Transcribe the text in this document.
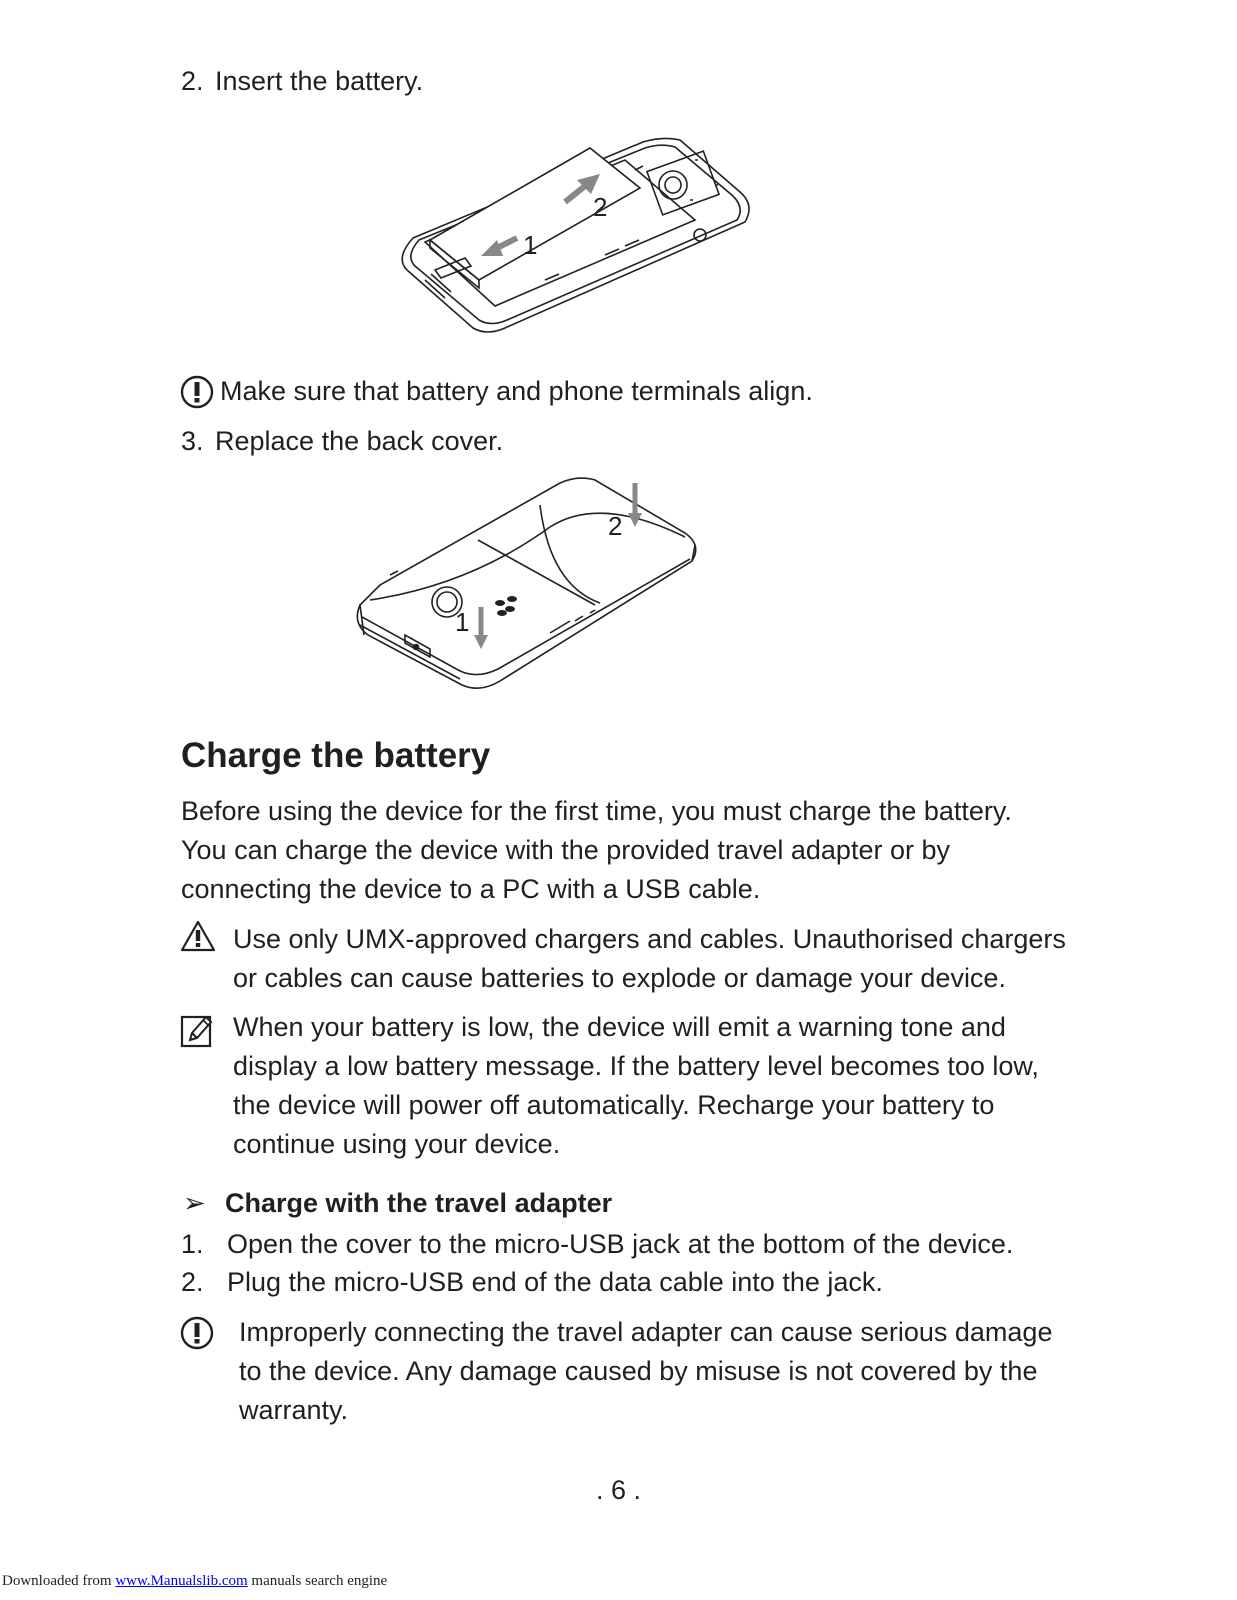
2. Insert the battery.
2
1
Make sure that battery and phone terminals align.
3. Replace the back cover.
2
1
Charge the battery
Before using the device for the first time, you must charge the battery. You can charge the device with the provided travel adapter or by connecting the device to a PC with a USB cable.
Use only UMX-approved chargers and cables. Unauthorised chargers
or cables can cause batteries to explode or damage your device.
When your battery is low, the device will emit a warning tone and
display a low battery message. If the battery level becomes too low,
the device will power off automatically. Recharge your battery to
continue using your device.
➢ Charge with the travel adapter
1. Open the cover to the micro-USB jack at the bottom of the device.
2. Plug the micro-USB end of the data cable into the jack.
Improperly connecting the travel adapter can cause serious damage
to the device. Any damage caused by misuse is not covered by the
warranty.
. 6 .
Downloaded from www.Manualslib.com manuals search engine
